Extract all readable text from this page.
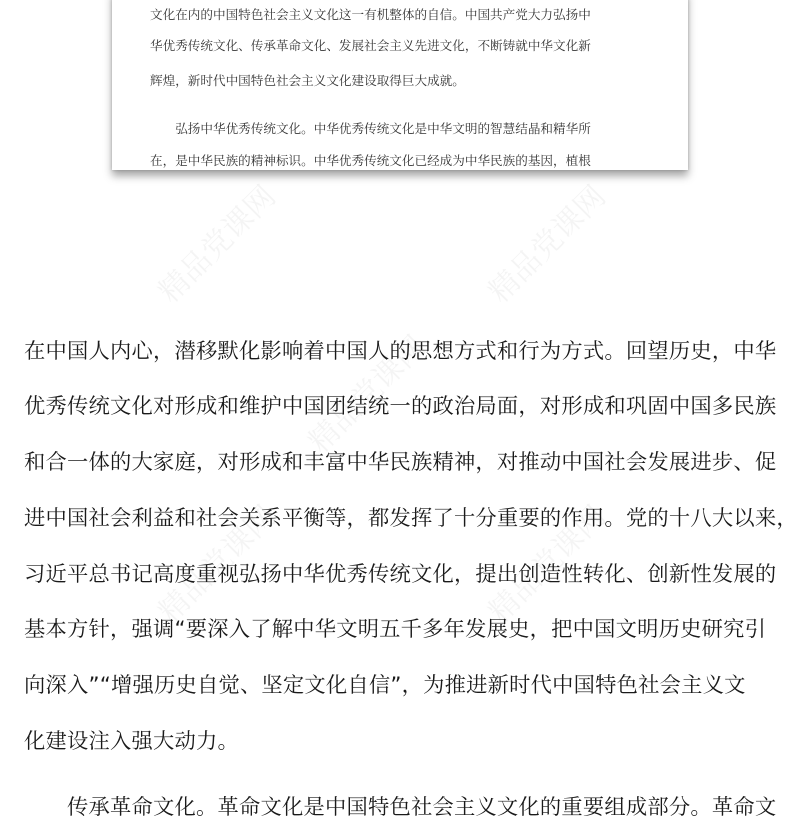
文化在内的中国特色社会主义文化这一有机整体的自信。中国共产党大力弘扬中
华优秀传统文化、传承革命文化、发展社会主义先进文化，不断铸就中华文化新
辉煌，新时代中国特色社会主义文化建设取得巨大成就。
　　弘扬中华优秀传统文化。中华优秀传统文化是中华文明的智慧结晶和精华所
在，是中华民族的精神标识。中华优秀传统文化已经成为中华民族的基因，植根
在中国人内心，潜移默化影响着中国人的思想方式和行为方式。回望历史，中华
优秀传统文化对形成和维护中国团结统一的政治局面，对形成和巩固中国多民族
和合一体的大家庭，对形成和丰富中华民族精神，对推动中国社会发展进步、促
进中国社会利益和社会关系平衡等，都发挥了十分重要的作用。党的十八大以来，
习近平总书记高度重视弘扬中华优秀传统文化，提出创造性转化、创新性发展的
基本方针，强调“要深入了解中华文明五千多年发展史，把中国文明历史研究引
向深入”“增强历史自觉、坚定文化自信”，为推进新时代中国特色社会主义文
化建设注入强大动力。
　　传承革命文化。革命文化是中国特色社会主义文化的重要组成部分。革命文
